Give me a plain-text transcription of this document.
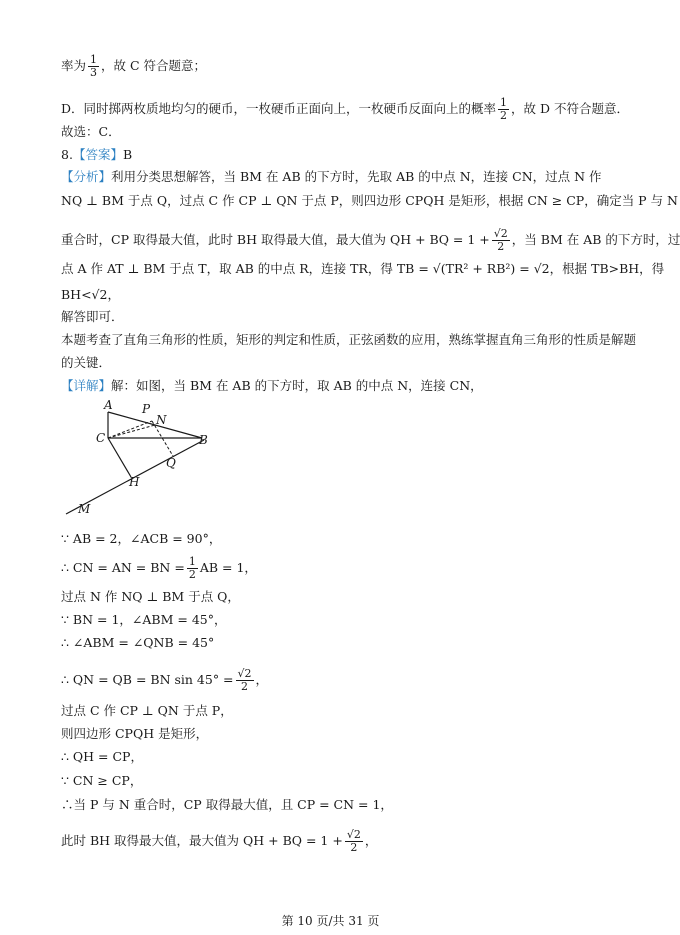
率为 $\frac{1}{3}$ ，故 C 符合题意；
D．同时掷两枚质地均匀的硬币，一枚硬币正面向上，一枚硬币反面向上的概率 $\frac{1}{2}$ ，故 D 不符合题意．
故选：C．
8.【答案】B
【分析】利用分类思想解答，当 BM 在 AB 的下方时，先取 AB 的中点 N，连接 CN，过点 N 作
NQ ⊥ BM 于点 Q，过点 C 作 CP ⊥ QN 于点 P，则四边形 CPQH 是矩形，根据 CN ≥ CP，确定当 P 与 N
重合时，CP 取得最大值，此时 BH 取得最大值，最大值为 QH + BQ = $1 + \frac{√2}{2}$ ，当 BM 在 AB 的下方时，过
点 A 作 AT ⊥ BM 于点 T，取 AB 的中点 R，连接 TR，得 TB = √(TR² + RB²) = √2，根据 TB>BH，得
BH<√2，
解答即可．
本题考查了直角三角形的性质，矩形的判定和性质，正弦函数的应用，熟练掌握直角三角形的性质是解题
的关键．
【详解】解：如图，当 BM 在 AB 的下方时，取 AB 的中点 N，连接 CN，
A P
N
C	B
Q
H
M
∵ AB = 2，∠ACB = 90°，
∴ CN = AN = BN = $\frac{1}{2}$ AB = 1，
过点 N 作 NQ ⊥ BM 于点 Q，
∵ BN = 1，∠ABM = 45°，
∴ ∠ABM = ∠QNB = 45°
∴ QN = QB = BN $\sin 45^\circ = \frac{√2}{2}$ ，
过点 C 作 CP ⊥ QN 于点 P，
则四边形 CPQH 是矩形，
∴ QH = CP，
∵ CN ≥ CP，
∴当 P 与 N 重合时，CP 取得最大值，且 CP = CN = 1，
此时 BH 取得最大值，最大值为 QH + BQ = $1 + \frac{√2}{2}$ ，
第 10 页/共 31 页
